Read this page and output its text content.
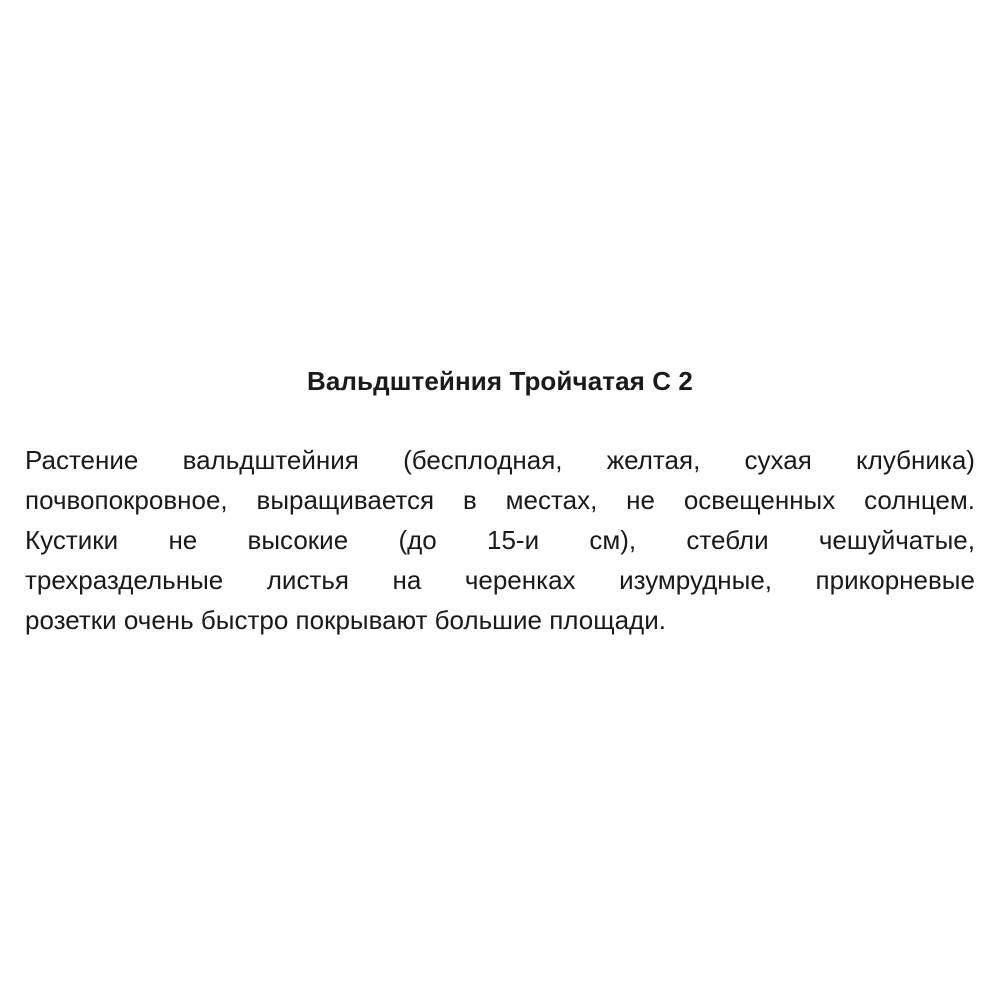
Вальдштейния Тройчатая С 2
Растение вальдштейния (бесплодная, желтая, сухая клубника)
почвопокровное, выращивается в местах, не освещенных солнцем.
Кустики не высокие (до 15-и см), стебли чешуйчатые,
трехраздельные листья на черенках изумрудные, прикорневые
розетки очень быстро покрывают большие площади.
